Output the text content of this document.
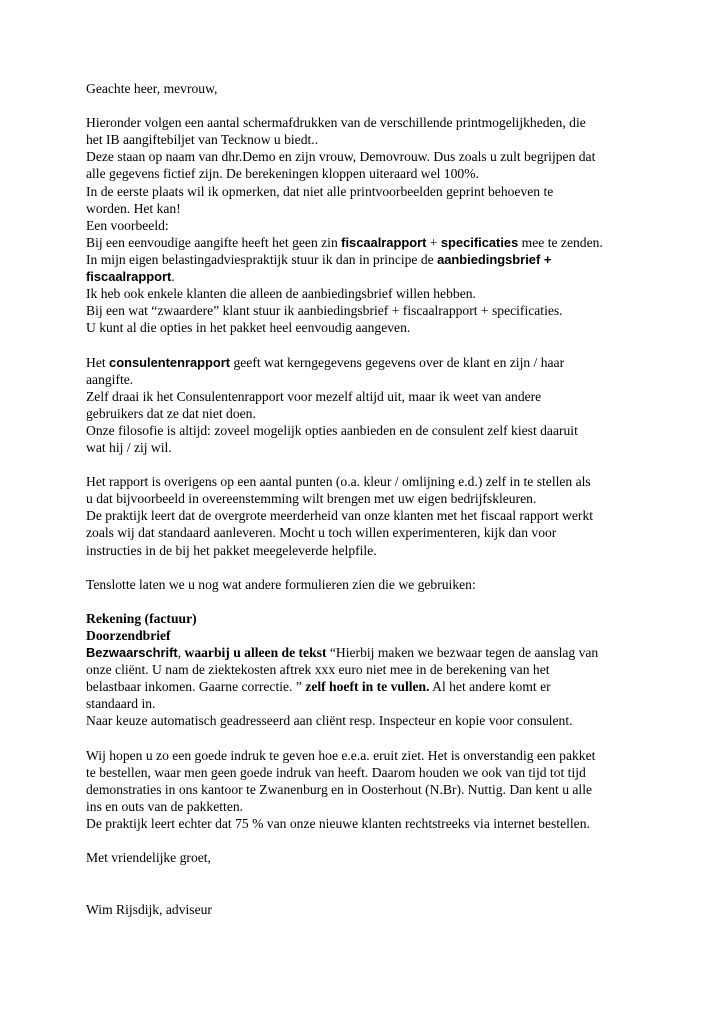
Geachte heer, mevrouw,
Hieronder volgen een aantal schermafdrukken van de verschillende printmogelijkheden, die
het IB aangiftebiljet van Tecknow u biedt..
Deze staan op naam van dhr.Demo en zijn vrouw, Demovrouw. Dus zoals u zult begrijpen dat
alle gegevens fictief zijn. De berekeningen kloppen uiteraard wel 100%.
In de eerste plaats wil ik opmerken, dat niet alle printvoorbeelden geprint behoeven te
worden. Het kan!
Een voorbeeld:
Bij een eenvoudige aangifte heeft het geen zin fiscaalrapport + specificaties mee te zenden.
In mijn eigen belastingadviespraktijk stuur ik dan in principe de aanbiedingsbrief +
fiscaalrapport.
Ik heb ook enkele klanten die alleen de aanbiedingsbrief willen hebben.
Bij een wat “zwaardere” klant stuur ik aanbiedingsbrief + fiscaalrapport + specificaties.
U kunt al die opties in het pakket heel eenvoudig aangeven.
Het consulentenrapport geeft wat kerngegevens gegevens over de klant en zijn / haar
aangifte.
Zelf draai ik het Consulentenrapport voor mezelf altijd uit, maar ik weet van andere
gebruikers dat ze dat niet doen.
Onze filosofie is altijd: zoveel mogelijk opties aanbieden en de consulent zelf kiest daaruit
wat hij / zij wil.
Het rapport is overigens op een aantal punten (o.a. kleur / omlijning e.d.) zelf in te stellen als
u dat bijvoorbeeld in overeenstemming wilt brengen met uw eigen bedrijfskleuren.
De praktijk leert dat de overgrote meerderheid van onze klanten met het fiscaal rapport werkt
zoals wij dat standaard aanleveren. Mocht u toch willen experimenteren, kijk dan voor
instructies in de bij het pakket meegeleverde helpfile.
Tenslotte laten we u nog wat andere formulieren zien die we gebruiken:
Rekening (factuur)
Doorzendbrief
Bezwaarschrift, waarbij u alleen de tekst “Hierbij maken we bezwaar tegen de aanslag van
onze cliënt. U nam de ziektekosten aftrek xxx euro niet mee in de berekening van het
belastbaar inkomen. Gaarne correctie. ” zelf hoeft in te vullen. Al het andere komt er
standaard in.
Naar keuze automatisch geadresseerd aan cliënt resp. Inspecteur en kopie voor consulent.
Wij hopen u zo een goede indruk te geven hoe e.e.a. eruit ziet. Het is onverstandig een pakket
te bestellen, waar men geen goede indruk van heeft. Daarom houden we ook van tijd tot tijd
demonstraties in ons kantoor te Zwanenburg en in Oosterhout (N.Br). Nuttig. Dan kent u alle
ins en outs van de pakketten.
De praktijk leert echter dat 75 % van onze nieuwe klanten rechtstreeks via internet bestellen.
Met vriendelijke groet,
Wim Rijsdijk, adviseur
